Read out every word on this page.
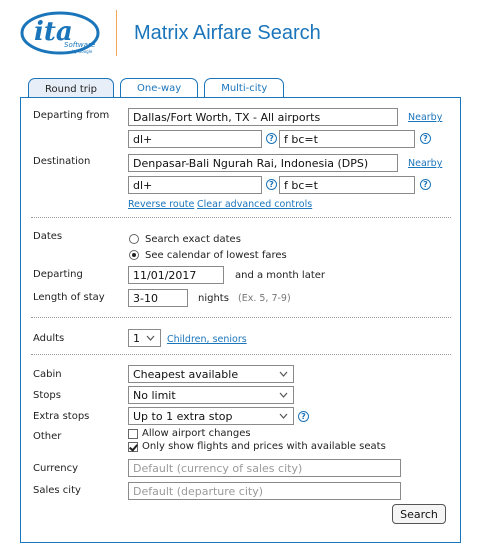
ita
Software
by Google
Matrix Airfare Search
Round trip	One-way	Multi-city
Departing from	Dallas/Fort Worth, TX - All airports	Nearby
dl+	? f bc=t	?
Destination	Denpasar-Bali Ngurah Rai, Indonesia (DPS)	Nearby
dl+	? f bc=t	?
Reverse route Clear advanced controls
Dates	Search exact dates
See calendar of lowest fares
Departing	11/01/2017	and a month later
Length of stay	3-10	nights (Ex. 5, 7-9)
Adults	1	Children, seniors
Cabin	Cheapest available
Stops	No limit
Extra stops	Up to 1 extra stop	?
Other	Allow airport changes
Only show flights and prices with available seats
Currency	Default (currency of sales city)
Sales city	Default (departure city)
Search
